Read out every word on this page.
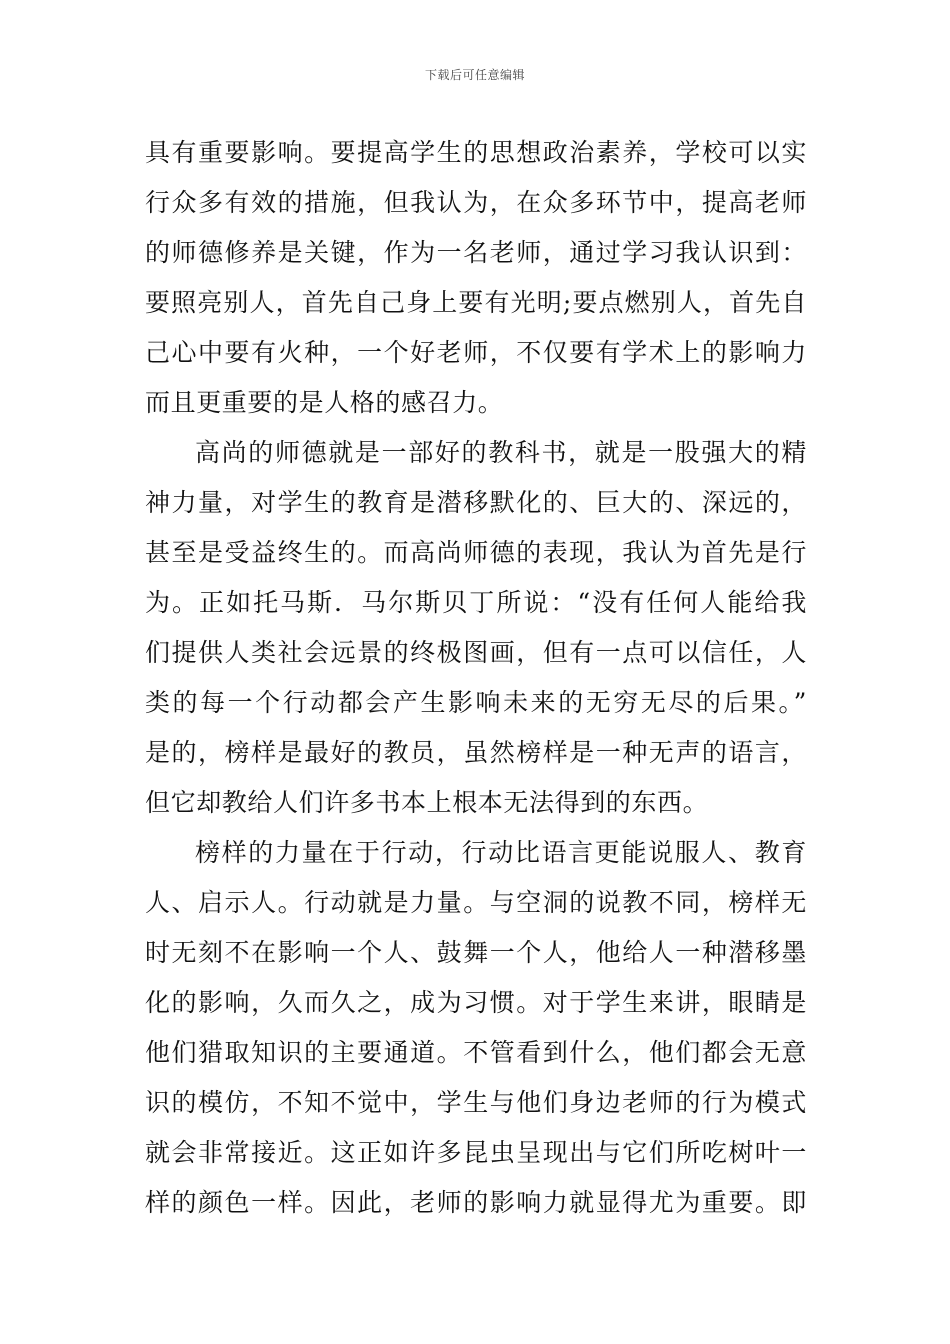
下载后可任意编辑
具有重要影响。要提高学生的思想政治素养，学校可以实
行众多有效的措施，但我认为，在众多环节中，提高老师
的师德修养是关键，作为一名老师，通过学习我认识到：
要照亮别人，首先自己身上要有光明;要点燃别人，首先自
己心中要有火种，一个好老师，不仅要有学术上的影响力
而且更重要的是人格的感召力。
高尚的师德就是一部好的教科书，就是一股强大的精
神力量，对学生的教育是潜移默化的、巨大的、深远的，
甚至是受益终生的。而高尚师德的表现，我认为首先是行
为。正如托马斯．马尔斯贝丁所说：“没有任何人能给我
们提供人类社会远景的终极图画，但有一点可以信任，人
类的每一个行动都会产生影响未来的无穷无尽的后果。”
是的，榜样是最好的教员，虽然榜样是一种无声的语言，
但它却教给人们许多书本上根本无法得到的东西。
榜样的力量在于行动，行动比语言更能说服人、教育
人、启示人。行动就是力量。与空洞的说教不同，榜样无
时无刻不在影响一个人、鼓舞一个人，他给人一种潜移墨
化的影响，久而久之，成为习惯。对于学生来讲，眼睛是
他们猎取知识的主要通道。不管看到什么，他们都会无意
识的模仿，不知不觉中，学生与他们身边老师的行为模式
就会非常接近。这正如许多昆虫呈现出与它们所吃树叶一
样的颜色一样。因此，老师的影响力就显得尤为重要。即
